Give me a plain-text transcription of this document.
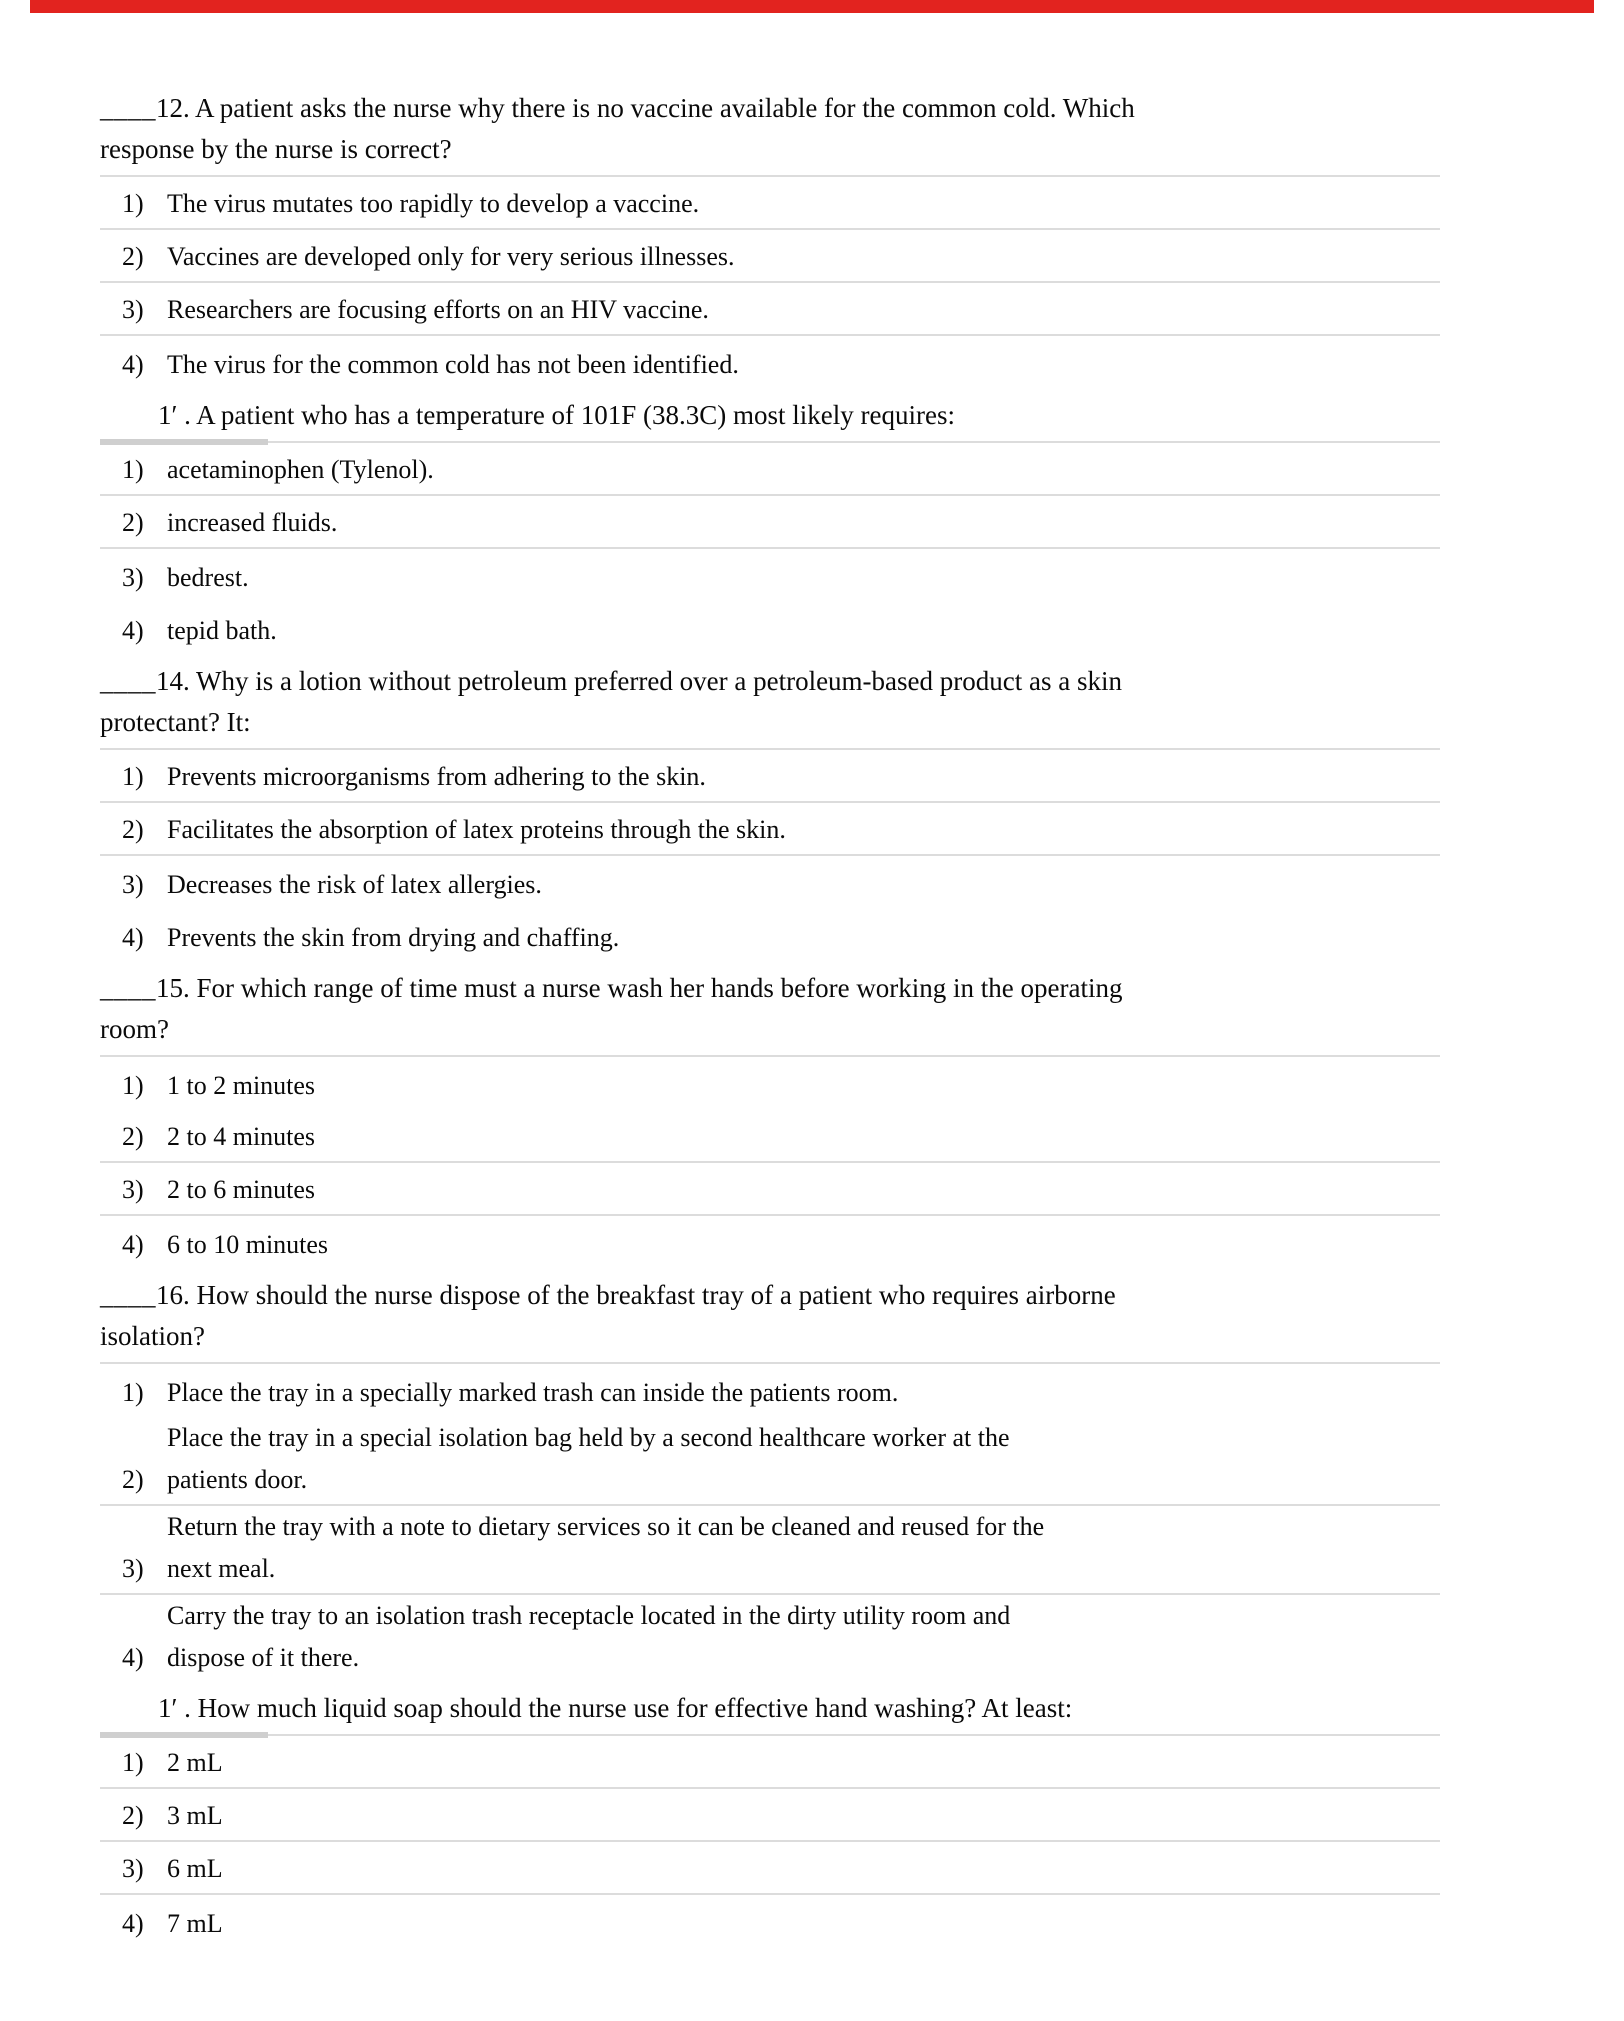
____12. A patient asks the nurse why there is no vaccine available for the common cold. Which

response by the nurse is correct?

1) The virus mutates too rapidly to develop a vaccine.
2) Vaccines are developed only for very serious illnesses.
3) Researchers are focusing efforts on an HIV vaccine.
4) The virus for the common cold has not been identified.

1′ . A patient who has a temperature of 101F (38.3C) most likely requires:

1) acetaminophen (Tylenol).
2) increased fluids.
3) bedrest.
4) tepid bath.

____14. Why is a lotion without petroleum preferred over a petroleum-based product as a skin

protectant? It:

1) Prevents microorganisms from adhering to the skin.
2) Facilitates the absorption of latex proteins through the skin.
3) Decreases the risk of latex allergies.
4) Prevents the skin from drying and chaffing.

____15. For which range of time must a nurse wash her hands before working in the operating

room?

1) 1 to 2 minutes
2) 2 to 4 minutes
3) 2 to 6 minutes
4) 6 to 10 minutes

____16. How should the nurse dispose of the breakfast tray of a patient who requires airborne

isolation?

1) Place the tray in a specially marked trash can inside the patients room.
2)
Place the tray in a special isolation bag held by a second healthcare worker at the
patients door.
3)
Return the tray with a note to dietary services so it can be cleaned and reused for the
next meal.
4)
Carry the tray to an isolation trash receptacle located in the dirty utility room and
dispose of it there.

1′ . How much liquid soap should the nurse use for effective hand washing? At least:

1) 2 mL
2) 3 mL
3) 6 mL
4) 7 mL
